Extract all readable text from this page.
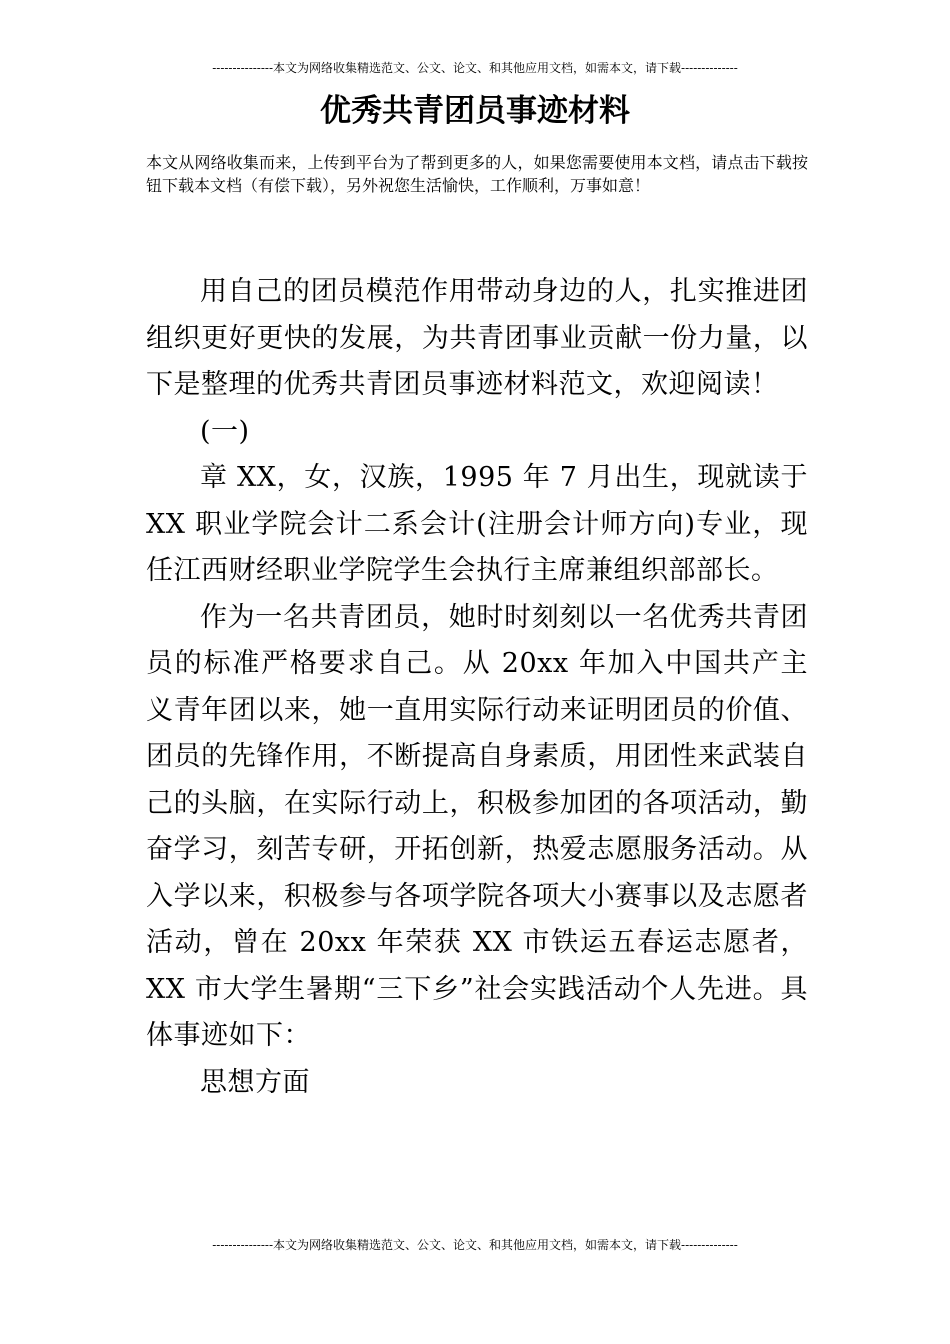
---------------本文为网络收集精选范文、公文、论文、和其他应用文档，如需本文，请下载--------------
优秀共青团员事迹材料

本文从网络收集而来，上传到平台为了帮到更多的人，如果您需要使用本文档，请点击下载按钮下载本文档（有偿下载），另外祝您生活愉快，工作顺利，万事如意！

用自己的团员模范作用带动身边的人，扎实推进团组织更好更快的发展，为共青团事业贡献一份力量，以下是整理的优秀共青团员事迹材料范文，欢迎阅读！

(一)

章 XX，女，汉族，1995 年 7 月出生，现就读于 XX 职业学院会计二系会计(注册会计师方向)专业，现任江西财经职业学院学生会执行主席兼组织部部长。

作为一名共青团员，她时时刻刻以一名优秀共青团员的标准严格要求自己。从 20xx 年加入中国共产主义青年团以来，她一直用实际行动来证明团员的价值、团员的先锋作用，不断提高自身素质，用团性来武装自己的头脑，在实际行动上，积极参加团的各项活动，勤奋学习，刻苦专研，开拓创新，热爱志愿服务活动。从入学以来，积极参与各项学院各项大小赛事以及志愿者活动，曾在 20xx 年荣获 XX 市铁运五春运志愿者，XX 市大学生暑期“三下乡”社会实践活动个人先进。具体事迹如下：

思想方面

---------------本文为网络收集精选范文、公文、论文、和其他应用文档，如需本文，请下载--------------
